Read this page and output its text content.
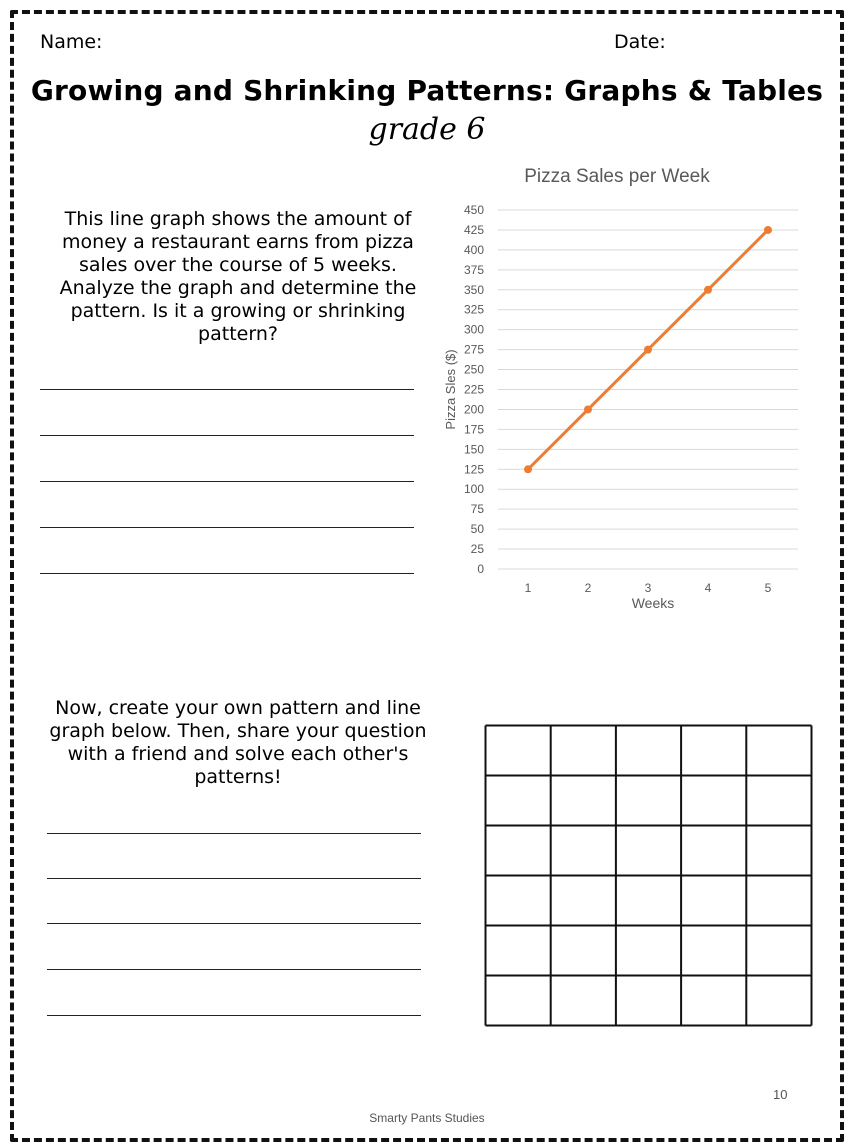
Name:	Date:
Growing and Shrinking Patterns: Graphs & Tables
grade 6
This line graph shows the amount of
money a restaurant earns from pizza
sales over the course of 5 weeks.
Analyze the graph and determine the
pattern. Is it a growing or shrinking
pattern?
Pizza Sales per Week
0
25
50
75
100
125
150
175
200
225
250
275
300
325
350
375
400
425
450
1	2	3	4	5
Weeks
Pizza Sles ($)
Now, create your own pattern and line
graph below. Then, share your question
with a friend and solve each other's
patterns!
10
Smarty Pants Studies
